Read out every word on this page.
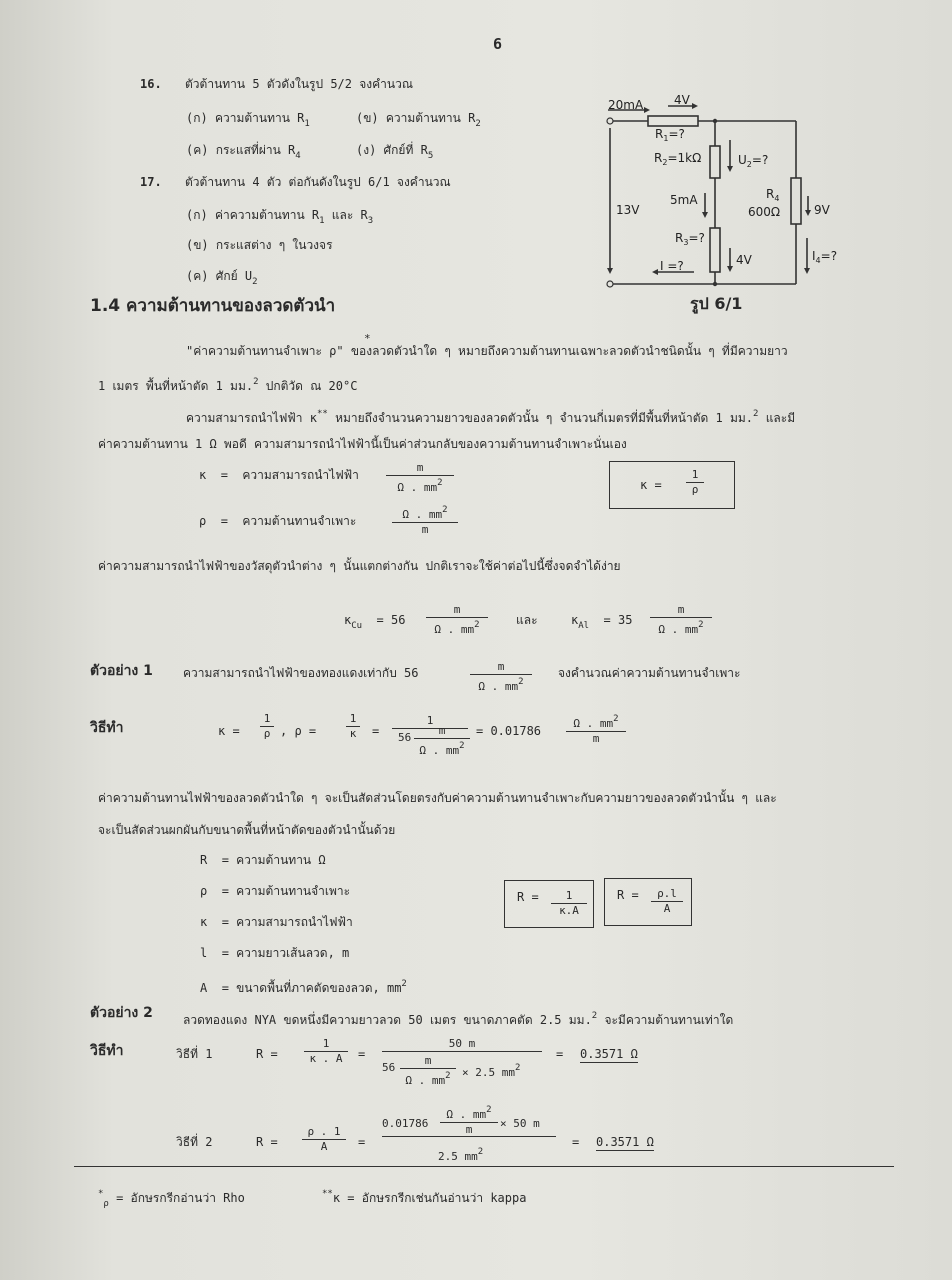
6
16. ตัวต้านทาน 5 ตัวดังในรูป 5/2 จงคำนวณ
(ก) ความต้านทาน $R_1$	(ข) ความต้านทาน $R_2$
(ค) กระแสที่ผ่าน $R_4$	(ง) ศักย์ที่ $R_5$
17. ตัวต้านทาน 4 ตัว ต่อกันดังในรูป 6/1 จงคำนวณ
(ก) ค่าความต้านทาน $R_1$ และ $R_3$
(ข) กระแสต่าง ๆ ในวงจร
(ค) ศักย์ $U_2$
20mA	4V
$R_1=$?
$R_2=1k\Omega$	$U_2=$?
13V
5mA	$R_4$
600Ω	9V
$R_3=$?
4V
I =?
$I_4=$?
รูป 6/1
1.4 ความต้านทานของลวดตัวนำ
"ค่าความต้านทานจำเพาะ ρ" ของลวดตัวนำใด ๆ หมายถึงความต้านทานเฉพาะลวดตัวนำชนิดนั้น ๆ ที่มีความยาว
*
1 เมตร พื้นที่หน้าตัด 1 มม.$^2$ ปกติวัด ณ 20°C
ความสามารถนำไฟฟ้า κ** หมายถึงจำนวนความยาวของลวดตัวนั้น ๆ จำนวนกี่เมตรที่มีพื้นที่หน้าตัด 1 มม.$^2$ และมี
ค่าความต้านทาน 1 Ω พอดี ความสามารถนำไฟฟ้านี้เป็นค่าส่วนกลับของความต้านทานจำเพาะนั่นเอง
κ = ความสามารถนำไฟฟ้า $\frac{m}{\Omega . mm^2}$
ρ = ความต้านทานจำเพาะ	$\frac{\Omega . mm^2}{m}$
$\kappa = \frac{1}{\rho}$
ค่าความสามารถนำไฟฟ้าของวัสดุตัวนำต่าง ๆ นั้นแตกต่างกัน ปกติเราจะใช้ค่าต่อไปนี้ซึ่งจดจำได้ง่าย
$\kappa_{Cu} = 56 \frac{m}{\Omega . mm^2}$ และ	$\kappa_{Al} = 35 \frac{m}{\Omega . mm^2}$
ตัวอย่าง 1	ความสามารถนำไฟฟ้าของทองแดงเท่ากับ 56	$\frac{m}{\Omega . mm^2}$ จงคำนวณค่าความต้านทานจำเพาะ
วิธีทำ	$\kappa = \frac{1}{\rho}$ , ρ =	$\frac{1}{\kappa}$ =
1
$56 \frac{m}{\Omega . mm^2} = 0.01786 \frac{\Omega . mm^2}{m}$
ค่าความต้านทานไฟฟ้าของลวดตัวนำใด ๆ จะเป็นสัดส่วนโดยตรงกับค่าความต้านทานจำเพาะกับความยาวของลวดตัวนำนั้น ๆ และ
จะเป็นสัดส่วนผกผันกับขนาดพื้นที่หน้าตัดของตัวนำนั้นด้วย
R = ความต้านทาน Ω
ρ = ความต้านทานจำเพาะ
κ = ความสามารถนำไฟฟ้า
l = ความยาวเส้นลวด, m
A = ขนาดพื้นที่ภาคตัดของลวด, $mm^2$
$R = \frac{1}{\kappa.A}$	$R = \frac{\rho.l}{A}$
ตัวอย่าง 2	ลวดทองแดง NYA ขดหนึ่งมีความยาวลวด 50 เมตร ขนาดภาคตัด 2.5 มม.$^2$ จะมีความต้านทานเท่าใด
วิธีทำ	วิธีที่ 1	$R = \frac{1}{\kappa . A}$ =
50 m
$56 \frac{m}{\Omega . mm^2} \times 2.5$ $mm^2$
= 0.3571 Ω
วิธีที่ 2	$R = \frac{\rho . 1}{A}$ =
$0.01786 \frac{\Omega . mm^2}{m} \times 50$ m
2.5 $mm^2$
= 0.3571 Ω
*$_\rho$ = อักษรกรีกอ่านว่า Rho	**κ = อักษรกรีกเช่นกันอ่านว่า kappa
